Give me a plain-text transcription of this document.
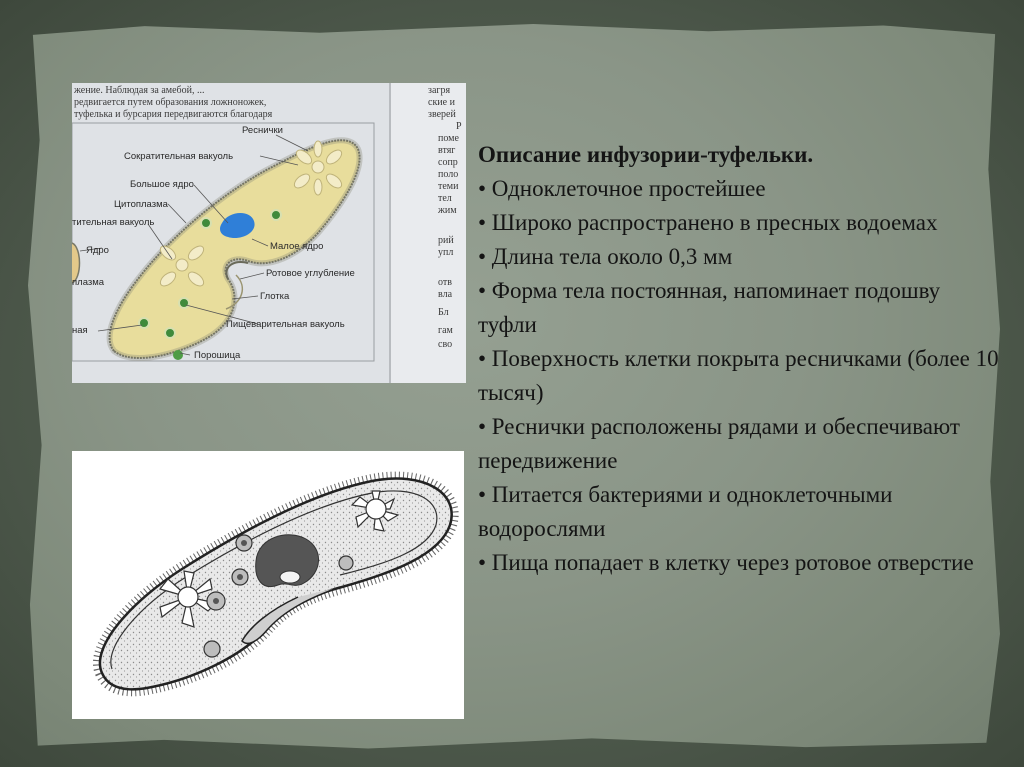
жение. Наблюдая за амебой, ...
редвигается путем образования ложноножек,
туфелька и бурсария передвигаются благодаря
загря
ские и
зверей
Р
поме
втяг
сопр
поло
теми
тел
жим
рий
упл
отв
вла
Бл
гам
сво
Реснички
Сократительная вакуоль
Большое ядро
Цитоплазма
тительная вакуоль
Ядро
плазма
ная
Малое ядро
Ротовое углубление
Глотка
Пищеварительная вакуоль
Порошица

Описание инфузории-туфельки.

• Одноклеточное простейшее
• Широко распространено в пресных водоемах
• Длина тела около 0,3 мм
• Форма тела постоянная, напоминает подошву туфли
• Поверхность клетки покрыта ресничками (более 10 тысяч)
• Реснички расположены рядами и обеспечивают передвижение
• Питается бактериями и одноклеточными водорослями
• Пища попадает в клетку через ротовое отверстие
